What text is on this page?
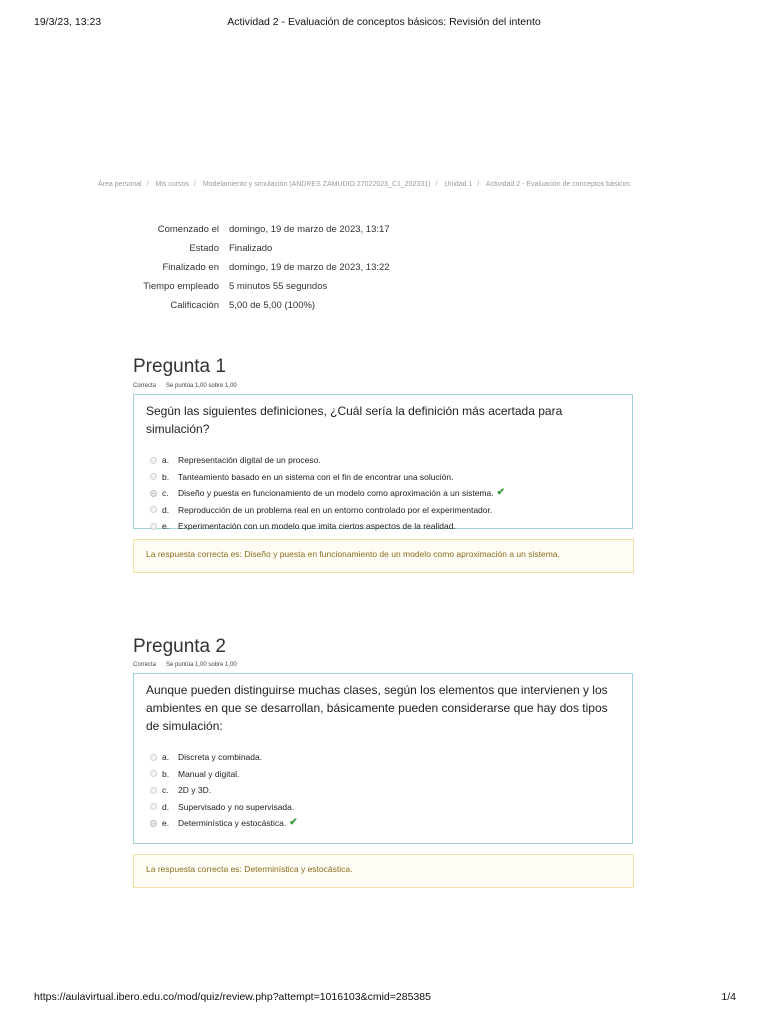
19/3/23, 13:23	Actividad 2 - Evaluación de conceptos básicos: Revisión del intento
Área personal / Mis cursos / Modelamiento y simulación (ANDRES ZAMUDIO 27022023_C1_202331) / Unidad 1 / Actividad 2 - Evaluación de conceptos básicos
Comenzado el	domingo, 19 de marzo de 2023, 13:17
Estado	Finalizado
Finalizado en	domingo, 19 de marzo de 2023, 13:22
Tiempo empleado	5 minutos 55 segundos
Calificación	5,00 de 5,00 (100%)
Pregunta 1
Correcta Se puntúa 1,00 sobre 1,00

Según las siguientes definiciones, ¿Cuál sería la definición más acertada para simulación?

a.	Representación digital de un proceso.
b.	Tanteamiento basado en un sistema con el fin de encontrar una solución.
c.	Diseño y puesta en funcionamiento de un modelo como aproximación a un sistema. ✔
d.	Reproducción de un problema real en un entorno controlado por el experimentador.
e.	Experimentación con un modelo que imita ciertos aspectos de la realidad.
La respuesta correcta es: Diseño y puesta en funcionamiento de un modelo como aproximación a un sistema.
Pregunta 2
Correcta Se puntúa 1,00 sobre 1,00

Aunque pueden distinguirse muchas clases, según los elementos que intervienen y los ambientes en que se desarrollan, básicamente pueden considerarse que hay dos tipos de simulación:

a.	Discreta y combinada.
b.	Manual y digital.
c.	2D y 3D.
d.	Supervisado y no supervisada.
e.	Determinística y estocástica. ✔
La respuesta correcta es: Determinística y estocástica.
https://aulavirtual.ibero.edu.co/mod/quiz/review.php?attempt=1016103&cmid=285385	1/4
